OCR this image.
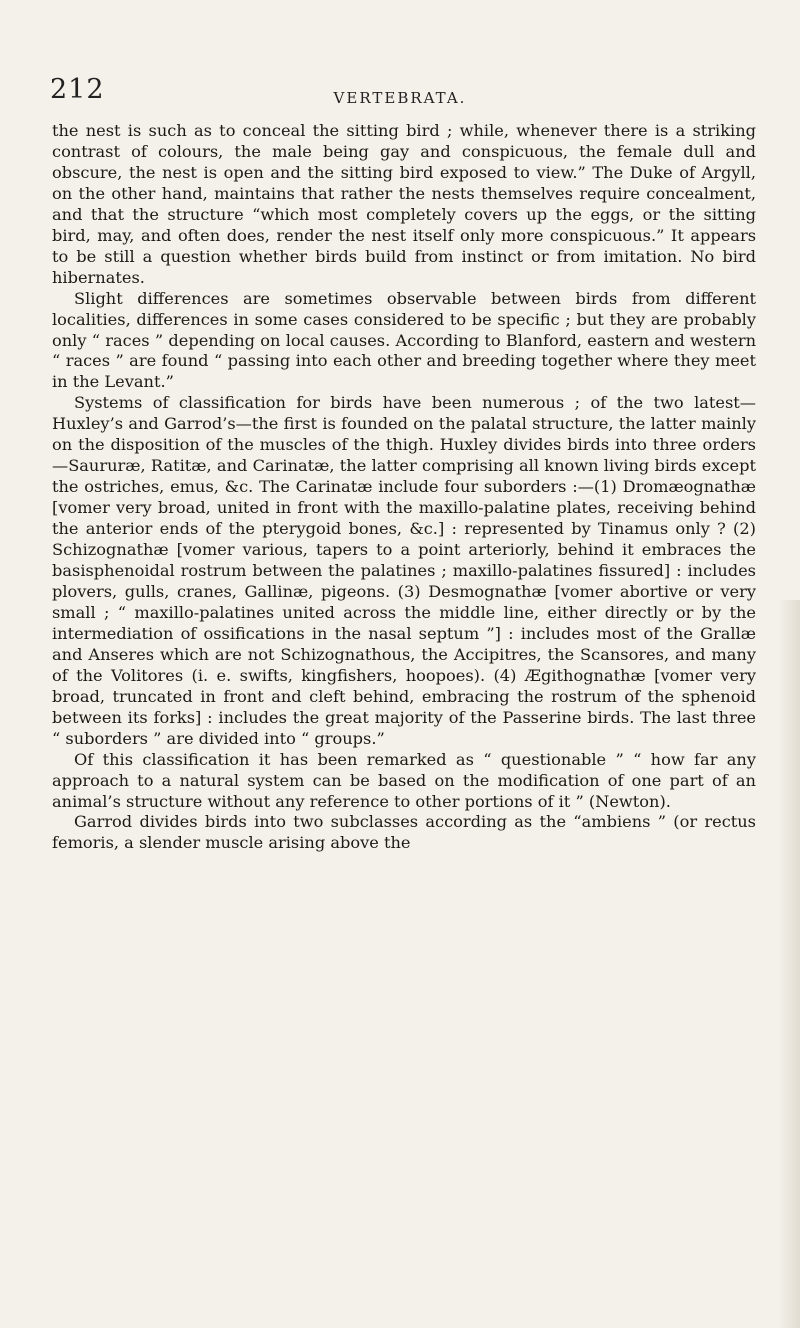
212	VERTEBRATA.

the nest is such as to conceal the sitting bird ; while, whenever there is a striking contrast of colours, the male being gay and conspicuous, the female dull and obscure, the nest is open and the sitting bird exposed to view.” The Duke of Argyll, on the other hand, maintains that rather the nests themselves require concealment, and that the structure “which most completely covers up the eggs, or the sitting bird, may, and often does, render the nest itself only more conspicuous.” It appears to be still a question whether birds build from instinct or from imitation. No bird hibernates.

Slight differences are sometimes observable between birds from different localities, differences in some cases considered to be specific ; but they are probably only “ races ” depending on local causes. According to Blanford, eastern and western “ races ” are found “ passing into each other and breeding together where they meet in the Levant.”

Systems of classification for birds have been numerous ; of the two latest—Huxley’s and Garrod’s—the first is founded on the palatal structure, the latter mainly on the disposition of the muscles of the thigh. Huxley divides birds into three orders—Saururæ, Ratitæ, and Carinatæ, the latter comprising all known living birds except the ostriches, emus, &c. The Carinatæ include four suborders :—(1) Dromæognathæ [vomer very broad, united in front with the maxillo-palatine plates, receiving behind the anterior ends of the pterygoid bones, &c.] : represented by Tinamus only ? (2) Schizognathæ [vomer various, tapers to a point arteriorly, behind it embraces the basisphenoidal rostrum between the palatines ; maxillo-palatines fissured] : includes plovers, gulls, cranes, Gallinæ, pigeons. (3) Desmognathæ [vomer abortive or very small ; “ maxillo-palatines united across the middle line, either directly or by the intermediation of ossifications in the nasal septum ”] : includes most of the Grallæ and Anseres which are not Schizognathous, the Accipitres, the Scansores, and many of the Volitores (i. e. swifts, kingfishers, hoopoes). (4) Ægithognathæ [vomer very broad, truncated in front and cleft behind, embracing the rostrum of the sphenoid between its forks] : includes the great majority of the Passerine birds. The last three “ suborders ” are divided into “ groups.”

Of this classification it has been remarked as “ questionable ” “ how far any approach to a natural system can be based on the modification of one part of an animal’s structure without any reference to other portions of it ” (Newton).

Garrod divides birds into two subclasses according as the “ambiens ” (or rectus femoris, a slender muscle arising above the
